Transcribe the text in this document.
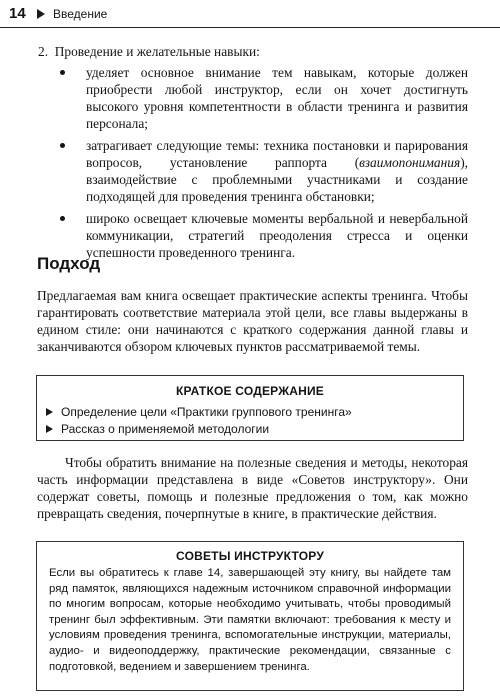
14 Введение
2. Проведение и желательные навыки:
уделяет основное внимание тем навыкам, которые должен приобрести любой инструктор, если он хочет достигнуть высокого уровня компетентности в области тренинга и развития персонала;
затрагивает следующие темы: техника постановки и парирования вопросов, установление раппорта (взаимопонимания), взаимодействие с проблемными участниками и создание подходящей для проведения тренинга обстановки;
широко освещает ключевые моменты вербальной и невербальной коммуникации, стратегий преодоления стресса и оценки успешности проведенного тренинга.
Подход
Предлагаемая вам книга освещает практические аспекты тренинга. Чтобы гарантировать соответствие материала этой цели, все главы выдержаны в едином стиле: они начинаются с краткого содержания данной главы и заканчиваются обзором ключевых пунктов рассматриваемой темы.
КРАТКОЕ СОДЕРЖАНИЕ
Определение цели «Практики группового тренинга»
Рассказ о применяемой методологии
Чтобы обратить внимание на полезные сведения и методы, некоторая часть информации представлена в виде «Советов инструктору». Они содержат советы, помощь и полезные предложения о том, как можно превращать сведения, почерпнутые в книге, в практические действия.
СОВЕТЫ ИНСТРУКТОРУ
Если вы обратитесь к главе 14, завершающей эту книгу, вы найдете там ряд памяток, являющихся надежным источником справочной информации по многим вопросам, которые необходимо учитывать, чтобы проводимый тренинг был эффективным. Эти памятки включают: требования к месту и условиям проведения тренинга, вспомогательные инструкции, материалы, аудио- и видеоподдержку, практические рекомендации, связанные с подготовкой, ведением и завершением тренинга.
